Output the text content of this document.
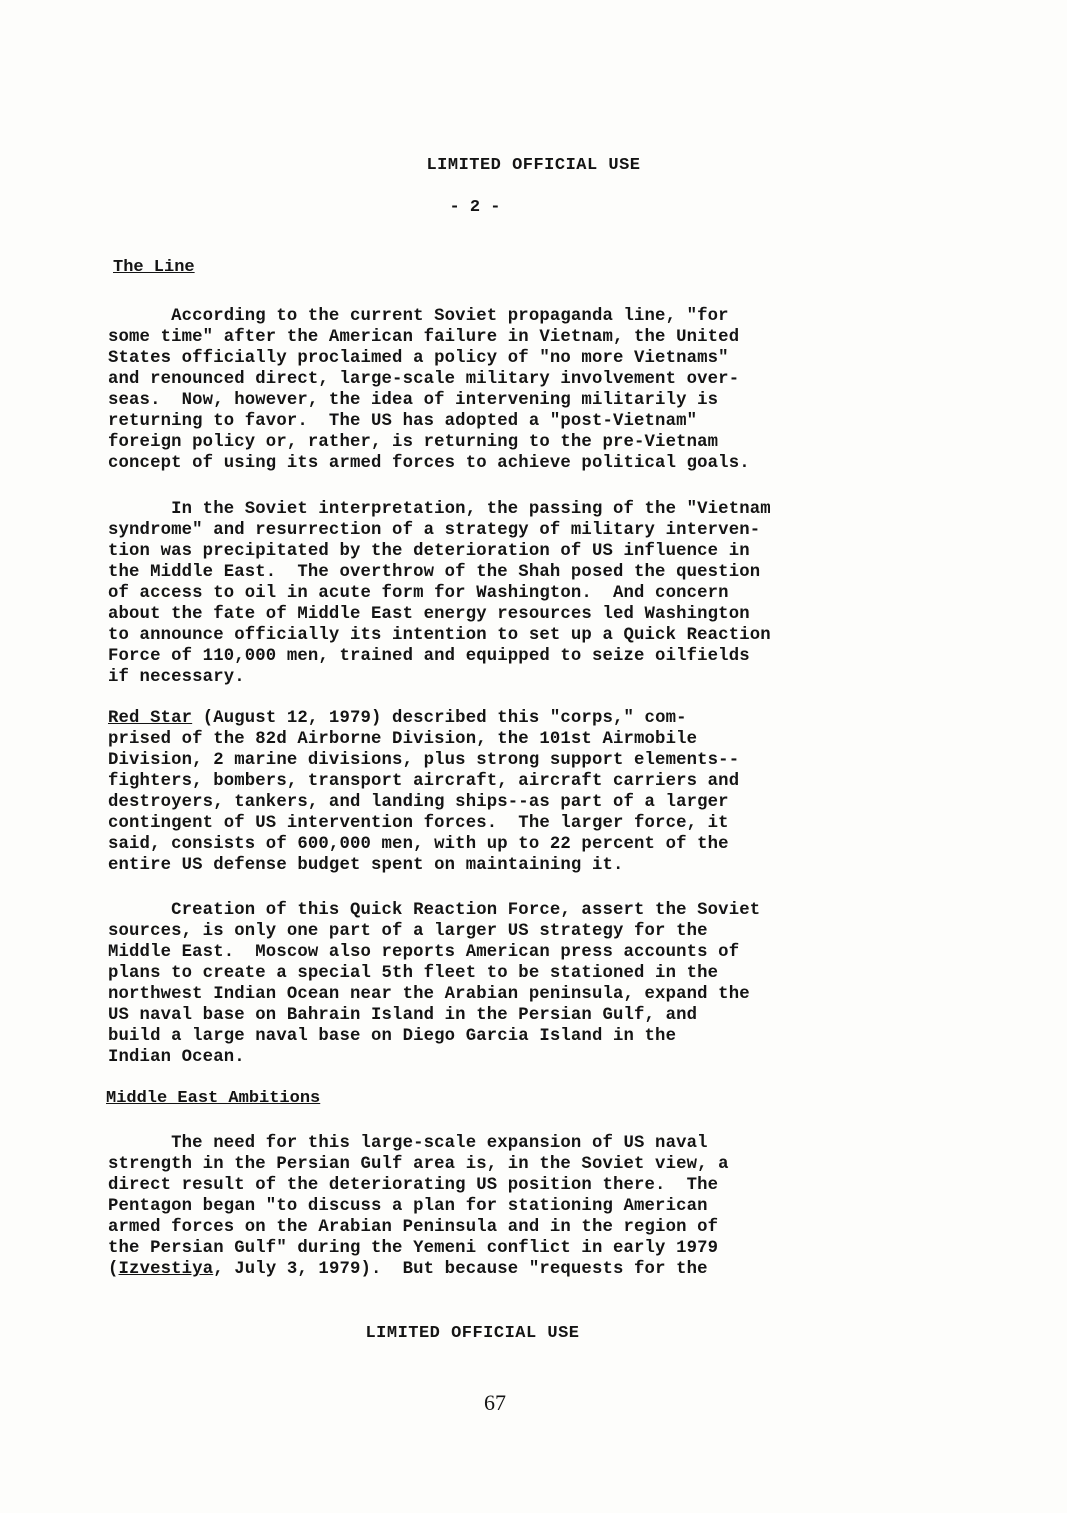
LIMITED OFFICIAL USE
- 2 -
The Line

According to the current Soviet propaganda line, "for
some time" after the American failure in Vietnam, the United
States officially proclaimed a policy of "no more Vietnams"
and renounced direct, large-scale military involvement over-
seas.  Now, however, the idea of intervening militarily is
returning to favor.  The US has adopted a "post-Vietnam"
foreign policy or, rather, is returning to the pre-Vietnam
concept of using its armed forces to achieve political goals.

In the Soviet interpretation, the passing of the "Vietnam
syndrome" and resurrection of a strategy of military interven-
tion was precipitated by the deterioration of US influence in
the Middle East.  The overthrow of the Shah posed the question
of access to oil in acute form for Washington.  And concern
about the fate of Middle East energy resources led Washington
to announce officially its intention to set up a Quick Reaction
Force of 110,000 men, trained and equipped to seize oilfields
if necessary.

Red Star (August 12, 1979) described this "corps," com-
prised of the 82d Airborne Division, the 101st Airmobile
Division, 2 marine divisions, plus strong support elements--
fighters, bombers, transport aircraft, aircraft carriers and
destroyers, tankers, and landing ships--as part of a larger
contingent of US intervention forces.  The larger force, it
said, consists of 600,000 men, with up to 22 percent of the
entire US defense budget spent on maintaining it.

Creation of this Quick Reaction Force, assert the Soviet
sources, is only one part of a larger US strategy for the
Middle East.  Moscow also reports American press accounts of
plans to create a special 5th fleet to be stationed in the
northwest Indian Ocean near the Arabian peninsula, expand the
US naval base on Bahrain Island in the Persian Gulf, and
build a large naval base on Diego Garcia Island in the
Indian Ocean.

Middle East Ambitions

The need for this large-scale expansion of US naval
strength in the Persian Gulf area is, in the Soviet view, a
direct result of the deteriorating US position there.  The
Pentagon began "to discuss a plan for stationing American
armed forces on the Arabian Peninsula and in the region of
the Persian Gulf" during the Yemeni conflict in early 1979
(Izvestiya, July 3, 1979).  But because "requests for the

LIMITED OFFICIAL USE
67
